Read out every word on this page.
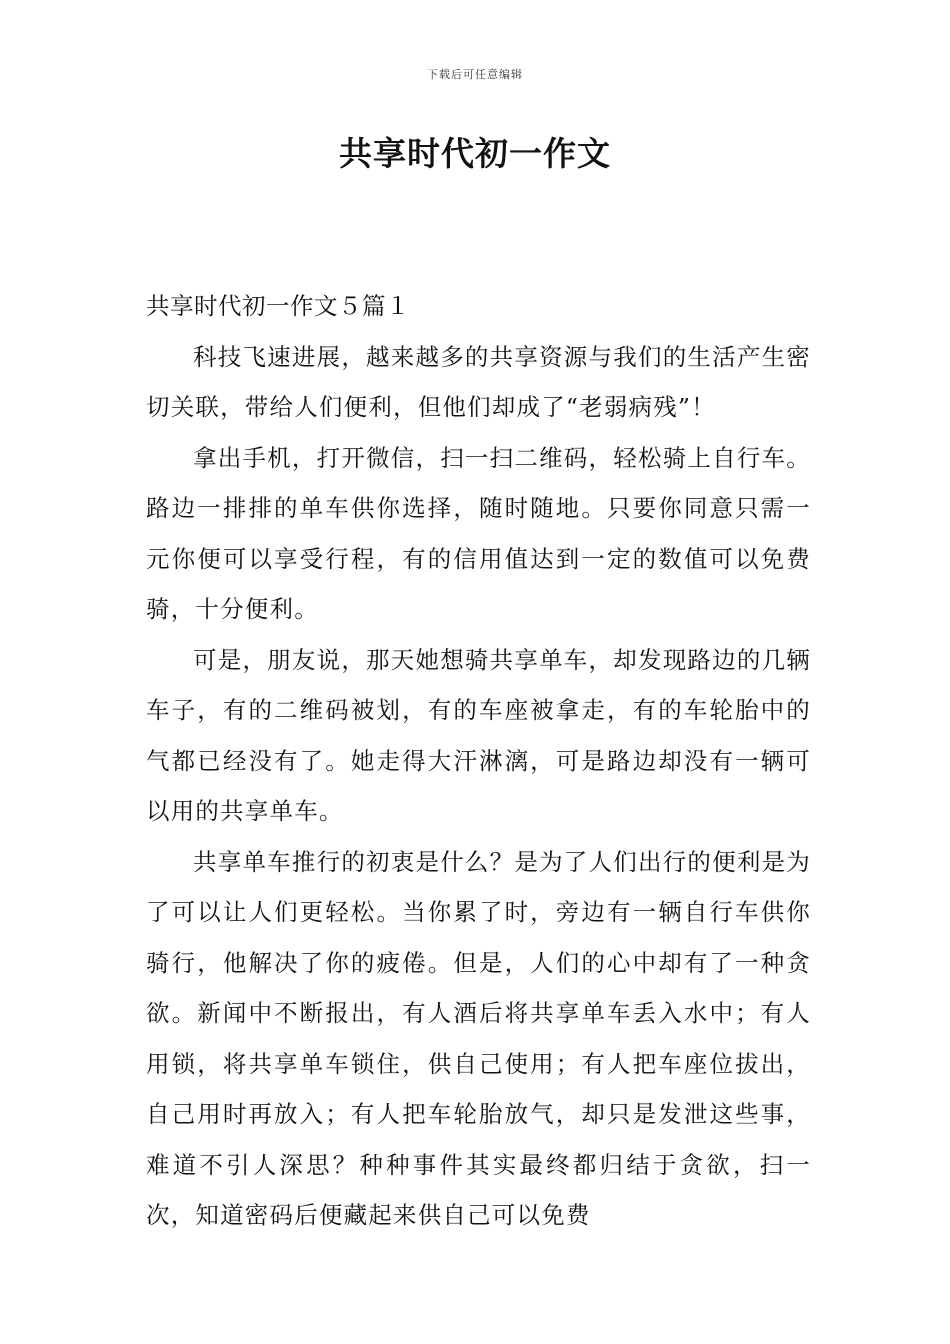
下载后可任意编辑
共享时代初一作文

共享时代初一作文５篇１

科技飞速进展，越来越多的共享资源与我们的生活产生密切关联，带给人们便利，但他们却成了“老弱病残”！

拿出手机，打开微信，扫一扫二维码，轻松骑上自行车。路边一排排的单车供你选择，随时随地。只要你同意只需一元你便可以享受行程，有的信用值达到一定的数值可以免费骑，十分便利。

可是，朋友说，那天她想骑共享单车，却发现路边的几辆车子，有的二维码被划，有的车座被拿走，有的车轮胎中的气都已经没有了。她走得大汗淋漓，可是路边却没有一辆可以用的共享单车。

共享单车推行的初衷是什么？是为了人们出行的便利是为了可以让人们更轻松。当你累了时，旁边有一辆自行车供你骑行，他解决了你的疲倦。但是，人们的心中却有了一种贪欲。新闻中不断报出，有人酒后将共享单车丢入水中；有人用锁，将共享单车锁住，供自己使用；有人把车座位拔出，自己用时再放入；有人把车轮胎放气，却只是发泄这些事，难道不引人深思？种种事件其实最终都归结于贪欲，扫一次，知道密码后便藏起来供自己可以免费
